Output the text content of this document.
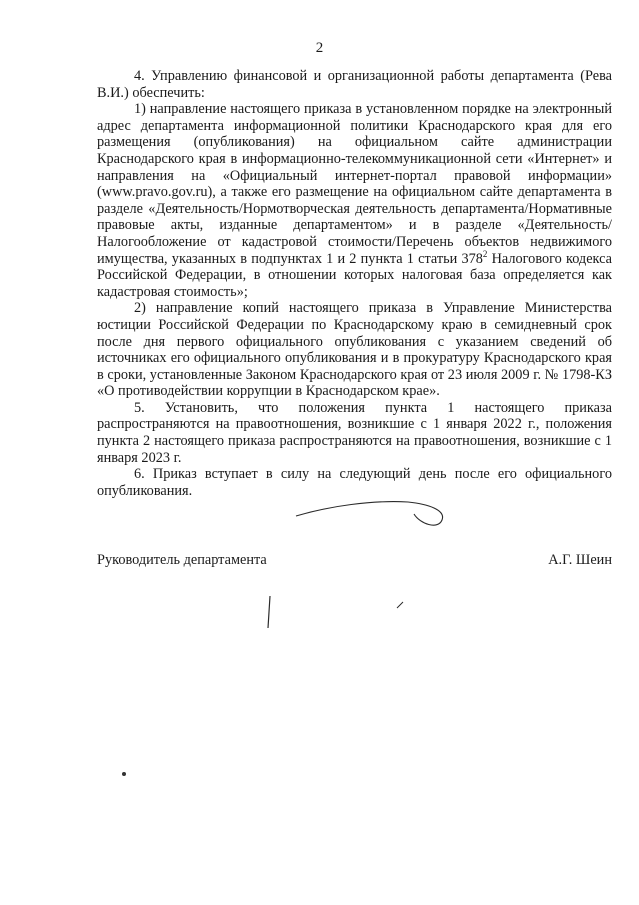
2

4. Управлению финансовой и организационной работы департамента (Рева В.И.) обеспечить:

1) направление настоящего приказа в установленном порядке на электронный адрес департамента информационной политики Краснодарского края для его размещения (опубликования) на официальном сайте администрации Краснодарского края в информационно-телекоммуникационной сети «Интернет» и направления на «Официальный интернет-портал правовой информации» (www.pravo.gov.ru), а также его размещение на официальном сайте департамента в разделе «Деятельность/Нормотворческая деятельность департамента/Нормативные правовые акты, изданные департаментом» и в разделе «Деятельность/Налогообложение от кадастровой стоимости/Перечень объектов недвижимого имущества, указанных в подпунктах 1 и 2 пункта 1 статьи $378^2$ Налогового кодекса Российской Федерации, в отношении которых налоговая база определяется как кадастровая стоимость»;

2) направление копий настоящего приказа в Управление Министерства юстиции Российской Федерации по Краснодарскому краю в семидневный срок после дня первого официального опубликования с указанием сведений об источниках его официального опубликования и в прокуратуру Краснодарского края в сроки, установленные Законом Краснодарского края от 23 июля 2009 г. № 1798-КЗ «О противодействии коррупции в Краснодарском крае».

5. Установить, что положения пункта 1 настоящего приказа распространяются на правоотношения, возникшие с 1 января 2022 г., положения пункта 2 настоящего приказа распространяются на правоотношения, возникшие с 1 января 2023 г.

6. Приказ вступает в силу на следующий день после его официального опубликования.

Руководитель департамента	А.Г. Шеин
